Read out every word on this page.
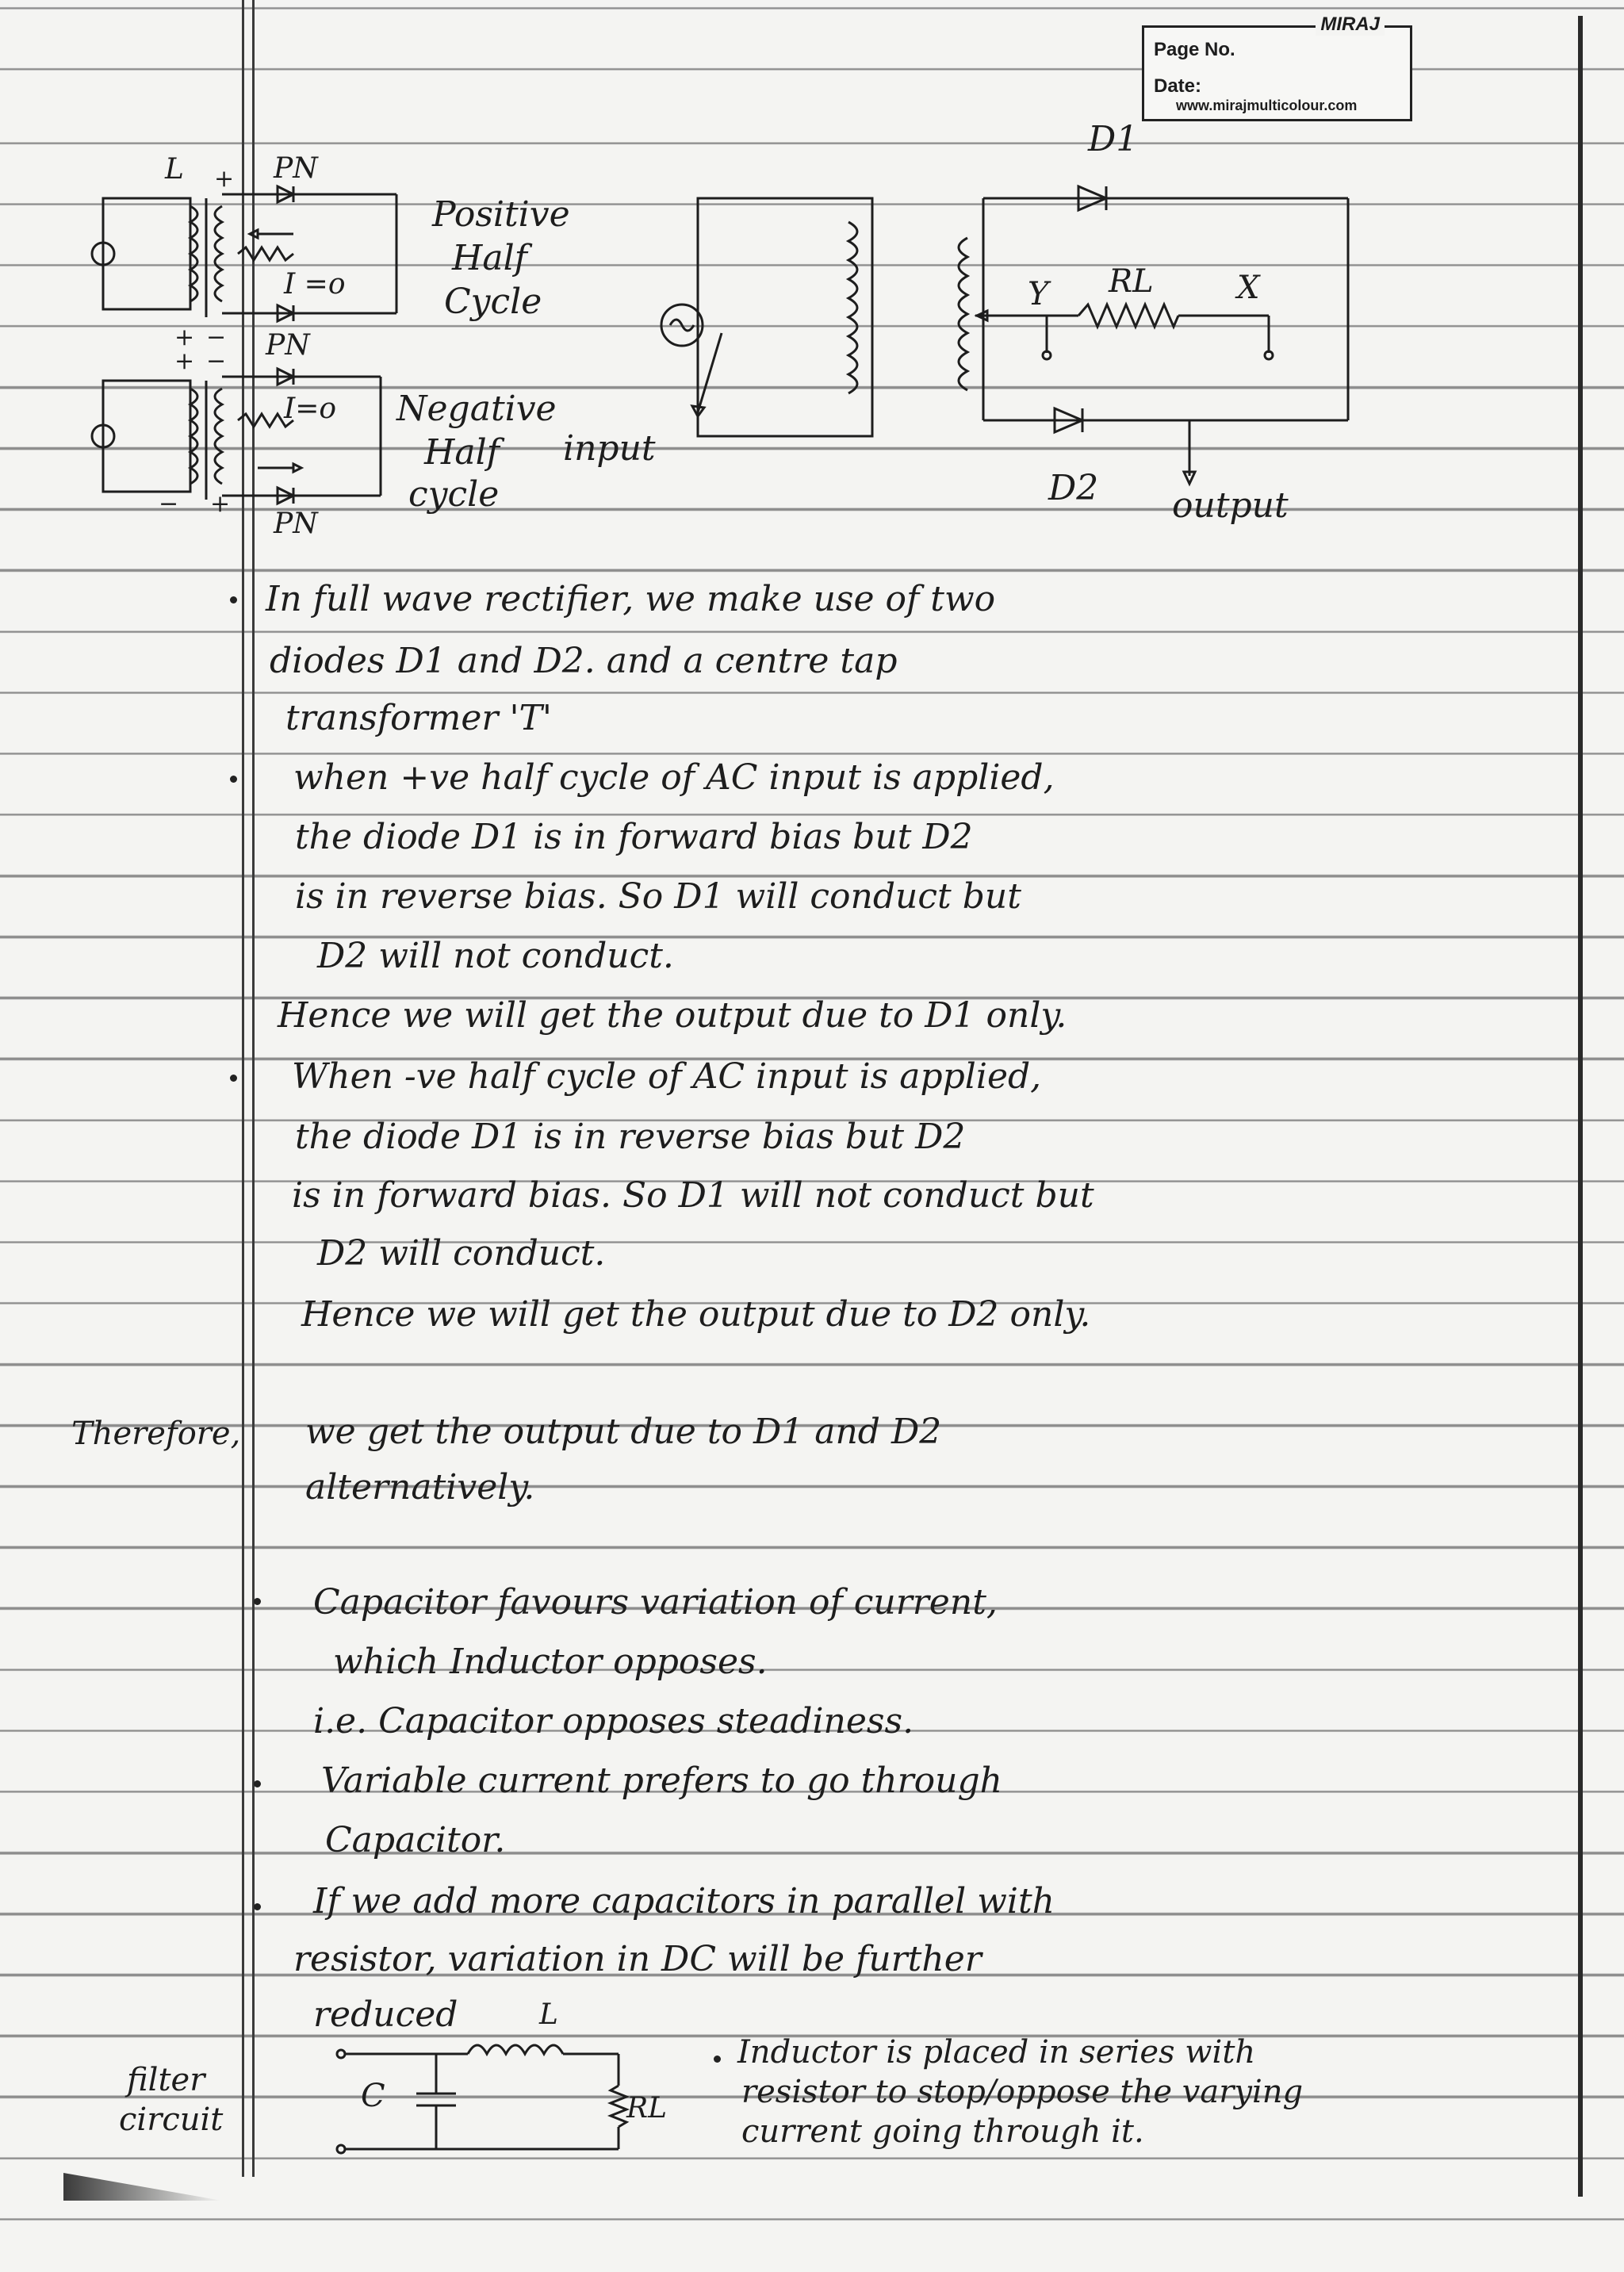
MIRAJ
Page No.
Date:
www.mirajmulticolour.com
+
+ −
+ −
− +
L	PN
PN
PN
I =o
I=o
Positive
Half
Cycle
Negative
Half
cycle
input
D1
RL
Y	X
D2 output
In full wave rectifier, we make use of two
diodes D1 and D2. and a centre tap
transformer 'T'
when +ve half cycle of AC input is applied,
the diode D1 is in forward bias but D2
is in reverse bias. So D1 will conduct but
D2 will not conduct.
Hence we will get the output due to D1 only.
When -ve half cycle of AC input is applied,
the diode D1 is in reverse bias but D2
is in forward bias. So D1 will not conduct but
D2 will conduct.
Hence we will get the output due to D2 only.
Therefore, we get the output due to D1 and D2
alternatively.
Capacitor favours variation of current,
which Inductor opposes.
i.e. Capacitor opposes steadiness.
Variable current prefers to go through
Capacitor.
If we add more capacitors in parallel with
resistor, variation in DC will be further
reduced
filter
circuit
C
L
RL
Inductor is placed in series with
resistor to stop/oppose the varying
current going through it.
